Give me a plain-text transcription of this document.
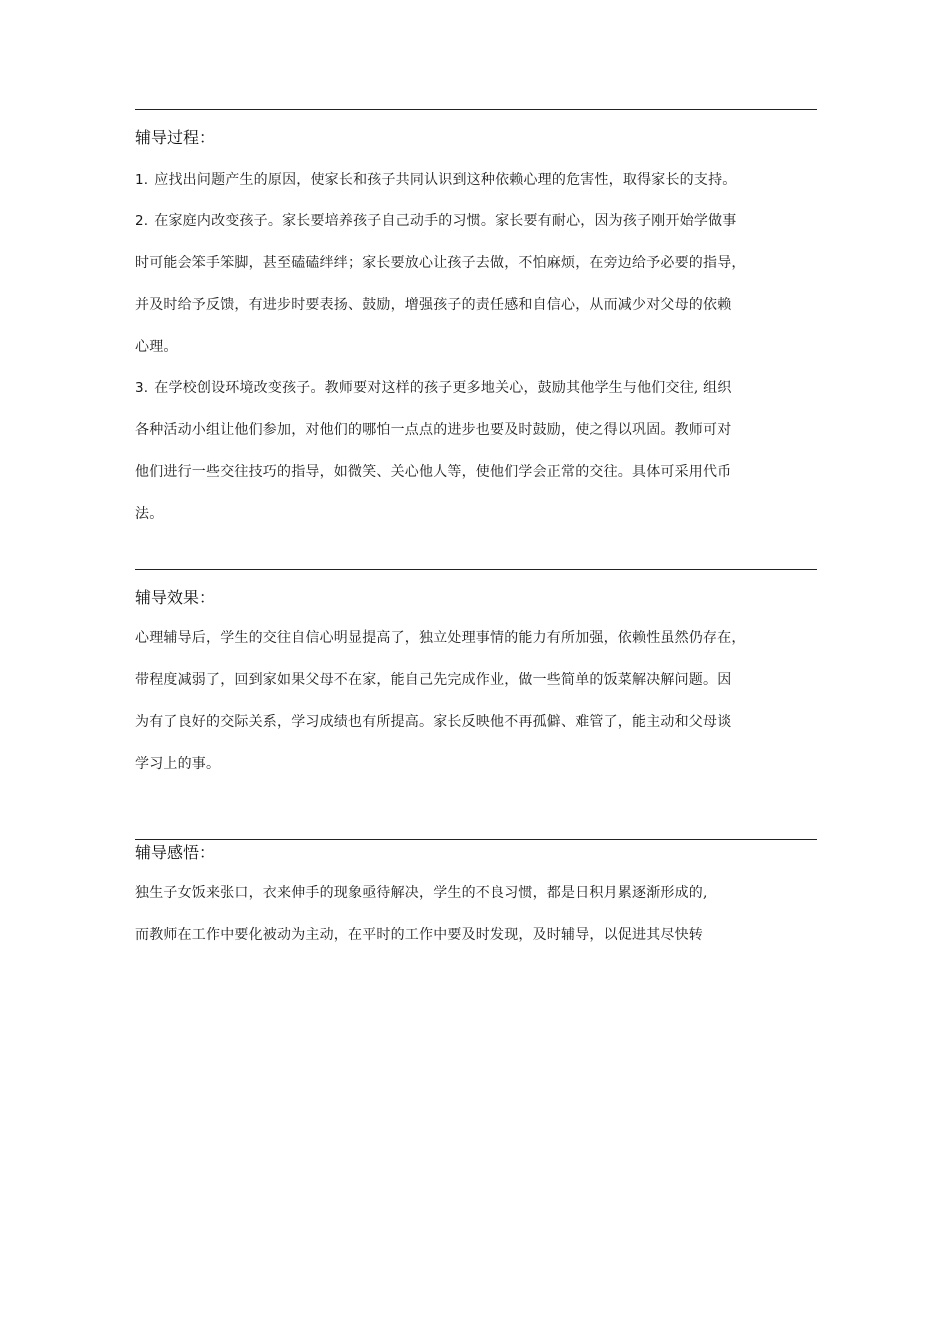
辅导过程：
1. 应找出问题产生的原因，使家长和孩子共同认识到这种依赖心理的危害性，取得家长的支持。
2. 在家庭内改变孩子。家长要培养孩子自己动手的习惯。家长要有耐心，因为孩子刚开始学做事
时可能会笨手笨脚，甚至磕磕绊绊；家长要放心让孩子去做，不怕麻烦，在旁边给予必要的指导，
并及时给予反馈，有进步时要表扬、鼓励，增强孩子的责任感和自信心，从而减少对父母的依赖
心理。
3. 在学校创设环境改变孩子。教师要对这样的孩子更多地关心，鼓励其他学生与他们交往, 组织
各种活动小组让他们参加，对他们的哪怕一点点的进步也要及时鼓励，使之得以巩固。教师可对
他们进行一些交往技巧的指导，如微笑、关心他人等，使他们学会正常的交往。具体可采用代币
法。
辅导效果：
心理辅导后，学生的交往自信心明显提高了，独立处理事情的能力有所加强，依赖性虽然仍存在，
带程度减弱了，回到家如果父母不在家，能自己先完成作业，做一些简单的饭菜解决解问题。因
为有了良好的交际关系，学习成绩也有所提高。家长反映他不再孤僻、难管了，能主动和父母谈
学习上的事。
辅导感悟：
独生子女饭来张口，衣来伸手的现象亟待解决，学生的不良习惯，都是日积月累逐渐形成的,
而教师在工作中要化被动为主动，在平时的工作中要及时发现，及时辅导，以促进其尽快转
